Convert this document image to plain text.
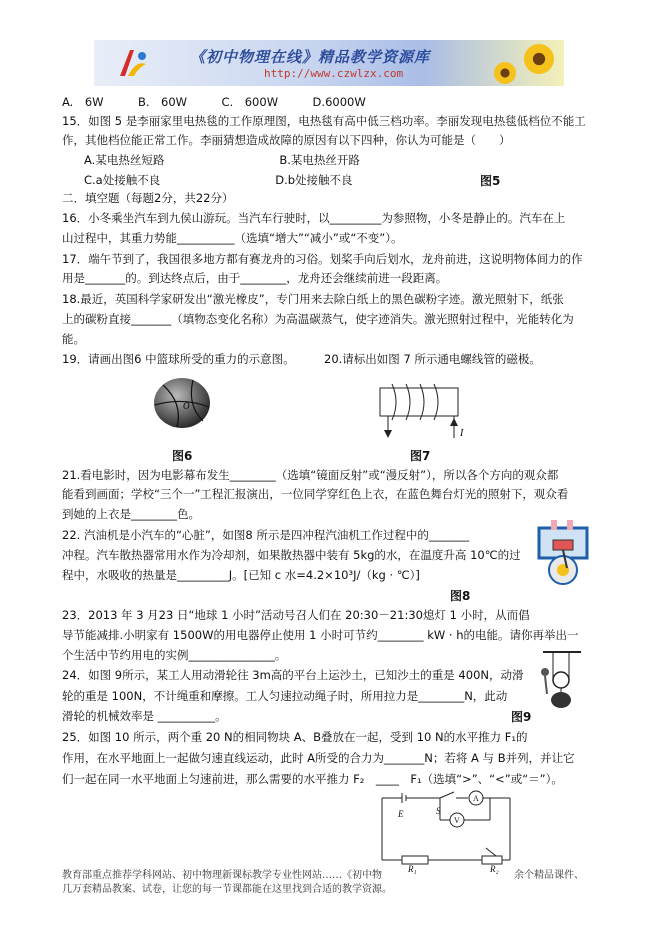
《初中物理在线》精品教学资源库
http://www.czwlzx.com
A.　6W　　　B.　60W　　　C.　600W　　　D.6000W
15．如图 5 是李丽家里电热毯的工作原理图，电热毯有高中低三档功率。李丽发现电热毯低档位不能工
作，其他档位能正常工作。李丽猜想造成故障的原因有以下四种，你认为可能是（　　）
A.某电热丝短路　　　　　　　　　　B.某电热丝开路
C.a处接触不良　　　　　　　　　　D.b处接触不良	图5
二．填空题（每题2分，共22分）
16．小冬乘坐汽车到九侯山游玩。当汽车行驶时，以_________为参照物，小冬是静止的。汽车在上
山过程中，其重力势能__________（选填“增大”“减小”或“不变”）。
17．端午节到了，我国很多地方都有赛龙舟的习俗。划桨手向后划水，龙舟前进，这说明物体间力的作
用是_______的。到达终点后，由于________，龙舟还会继续前进一段距离。
18.最近，英国科学家研发出“激光橡皮”，专门用来去除白纸上的黑色碳粉字迹。激光照射下，纸张
上的碳粉直接_______（填物态变化名称）为高温碳蒸气，使字迹消失。激光照射过程中，光能转化为
能。
19．请画出图6 中篮球所受的重力的示意图。	20.请标出如图 7 所示通电螺线管的磁极。
O
图6
I
图7
21.看电影时，因为电影幕布发生________（选填“镜面反射”或“漫反射”），所以各个方向的观众都
能看到画面；学校“三个一”工程汇报演出，一位同学穿红色上衣，在蓝色舞台灯光的照射下，观众看
到她的上衣是________色。
22. 汽油机是小汽车的“心脏”，如图8 所示是四冲程汽油机工作过程中的_______
冲程。汽车散热器常用水作为冷却剂，如果散热器中装有 5kg的水，在温度升高 10℃的过
程中，水吸收的热量是_________J。[已知 c 水=4.2×10³J/（kg · ℃）]
图8
23．2013 年 3 月23 日“地球 1 小时”活动号召人们在 20:30－21:30熄灯 1 小时，从而倡
导节能减排.小明家有 1500W的用电器停止使用 1 小时可节约________ kW · h的电能。请你再举出一
个生活中节约用电的实例_______________。
24．如图 9所示，某工人用动滑轮往 3m高的平台上运沙土，已知沙土的重是 400N，动滑
轮的重是 100N，不计绳重和摩擦。工人匀速拉动绳子时，所用拉力是________N，此动
滑轮的机械效率是 __________。	图9
25．如图 10 所示，两个重 20 N的相同物块 A、B叠放在一起，受到 10 N的水平推力 F₁的
作用，在水平地面上一起做匀速直线运动，此时 A所受的合力为_______N；若将 A 与 B并列，并让它
们一起在同一水平地面上匀速前进，那么需要的水平推力 F₂　____　F₁（选填“>”、“<”或“＝”）。
E	S
A
V
R₁	R₂
教育部重点推荐学科网站、初中物理新课标教学专业性网站……《初中物	余个精品课件、
几万套精品教案、试卷，让您的每一节课都能在这里找到合适的教学资源。
